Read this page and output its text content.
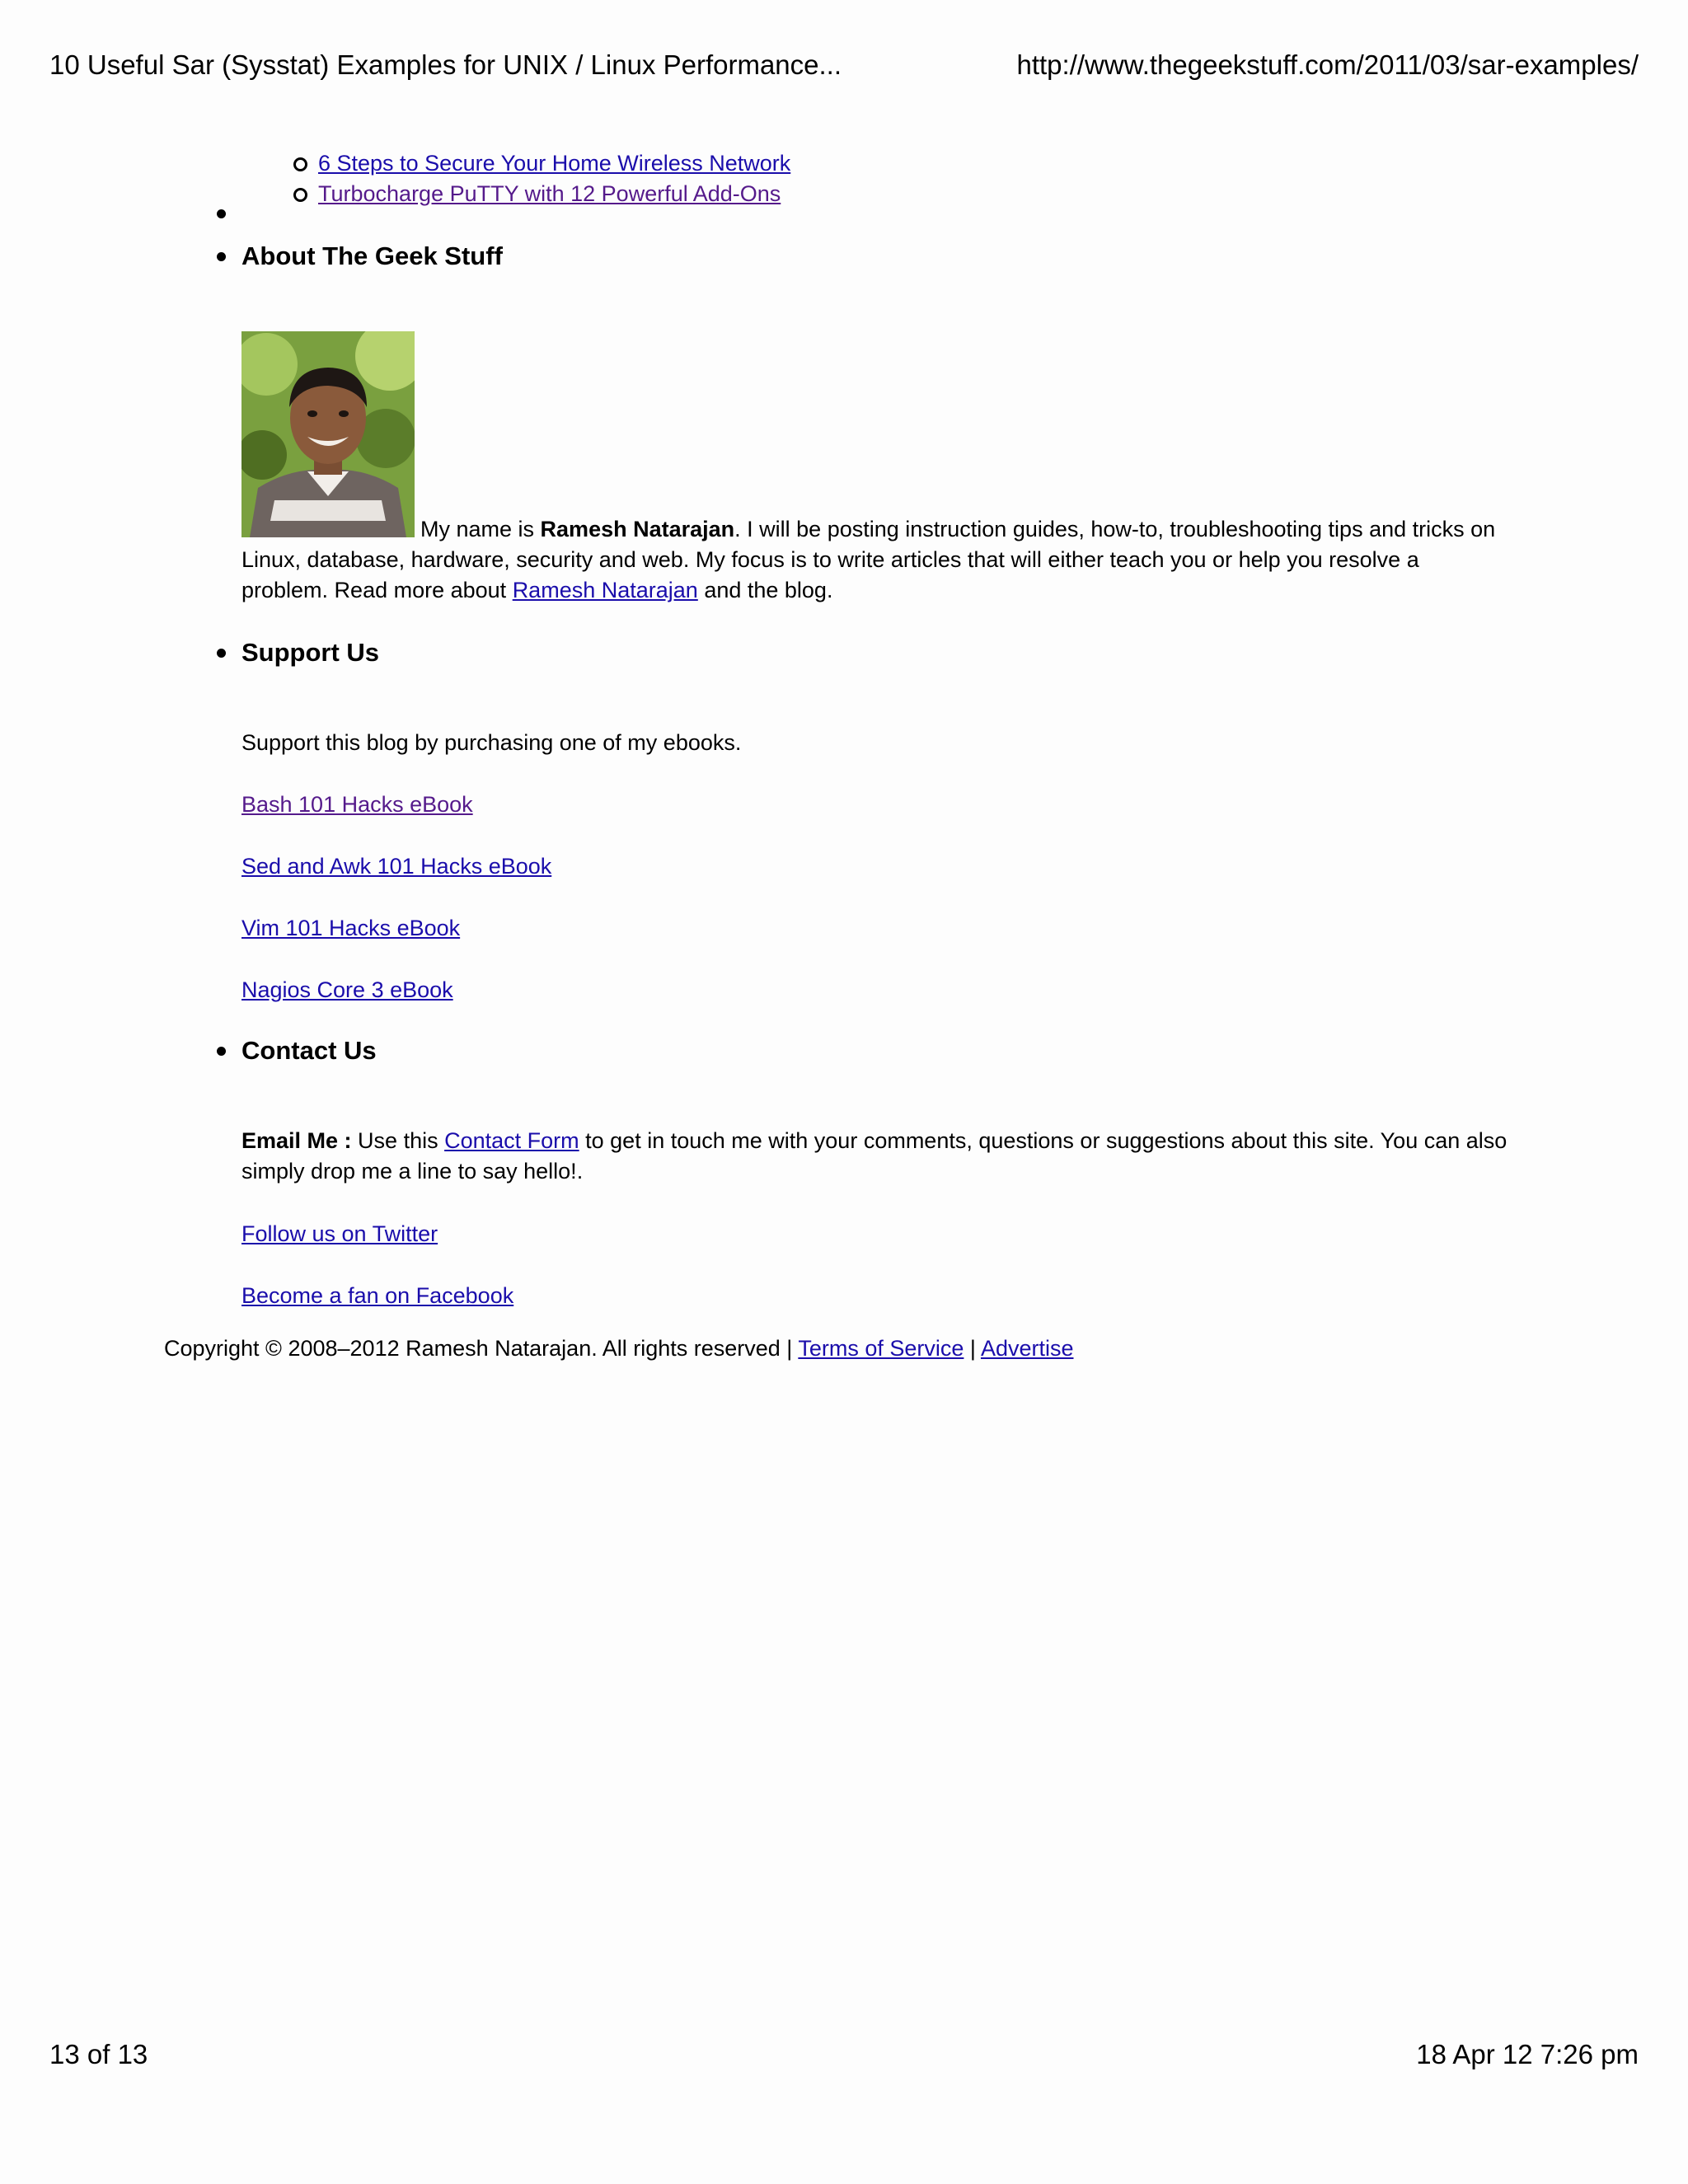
10 Useful Sar (Sysstat) Examples for UNIX / Linux Performance...	http://www.thegeekstuff.com/2011/03/sar-examples/
6 Steps to Secure Your Home Wireless Network
Turbocharge PuTTY with 12 Powerful Add-Ons
About The Geek Stuff
My name is Ramesh Natarajan. I will be posting instruction guides, how-to, troubleshooting tips and tricks on Linux, database, hardware, security and web. My focus is to write articles that will either teach you or help you resolve a problem. Read more about Ramesh Natarajan and the blog.
Support Us
Support this blog by purchasing one of my ebooks.
Bash 101 Hacks eBook
Sed and Awk 101 Hacks eBook
Vim 101 Hacks eBook
Nagios Core 3 eBook
Contact Us
Email Me : Use this Contact Form to get in touch me with your comments, questions or suggestions about this site. You can also simply drop me a line to say hello!.
Follow us on Twitter
Become a fan on Facebook
Copyright © 2008–2012 Ramesh Natarajan. All rights reserved | Terms of Service | Advertise
13 of 13	18 Apr 12 7:26 pm
